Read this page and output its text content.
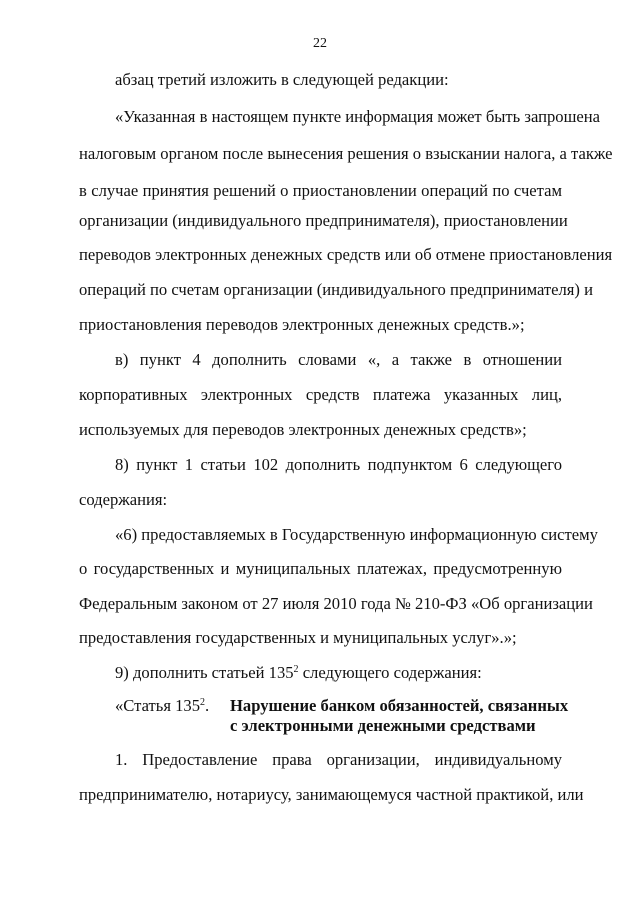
22
абзац третий изложить в следующей редакции:
«Указанная в настоящем пункте информация может быть запрошена
налоговым органом после вынесения решения о взыскании налога, а также
в случае принятия решений о приостановлении операций по счетам
организации (индивидуального предпринимателя), приостановлении
переводов электронных денежных средств или об отмене приостановления
операций по счетам организации (индивидуального предпринимателя) и
приостановления переводов электронных денежных средств.»;
в) пункт 4 дополнить словами «, а также в отношении
корпоративных электронных средств платежа указанных лиц,
используемых для переводов электронных денежных средств»;
8) пункт 1 статьи 102 дополнить подпунктом 6 следующего
содержания:
«6) предоставляемых в Государственную информационную систему
о государственных и муниципальных платежах, предусмотренную
Федеральным законом от 27 июля 2010 года № 210-ФЗ «Об организации
предоставления государственных и муниципальных услуг».»;
9) дополнить статьей $135^2$ следующего содержания:
«Статья $135^2$. Нарушение банком обязанностей, связанных
с электронными денежными средствами
1. Предоставление права организации, индивидуальному
предпринимателю, нотариусу, занимающемуся частной практикой, или
